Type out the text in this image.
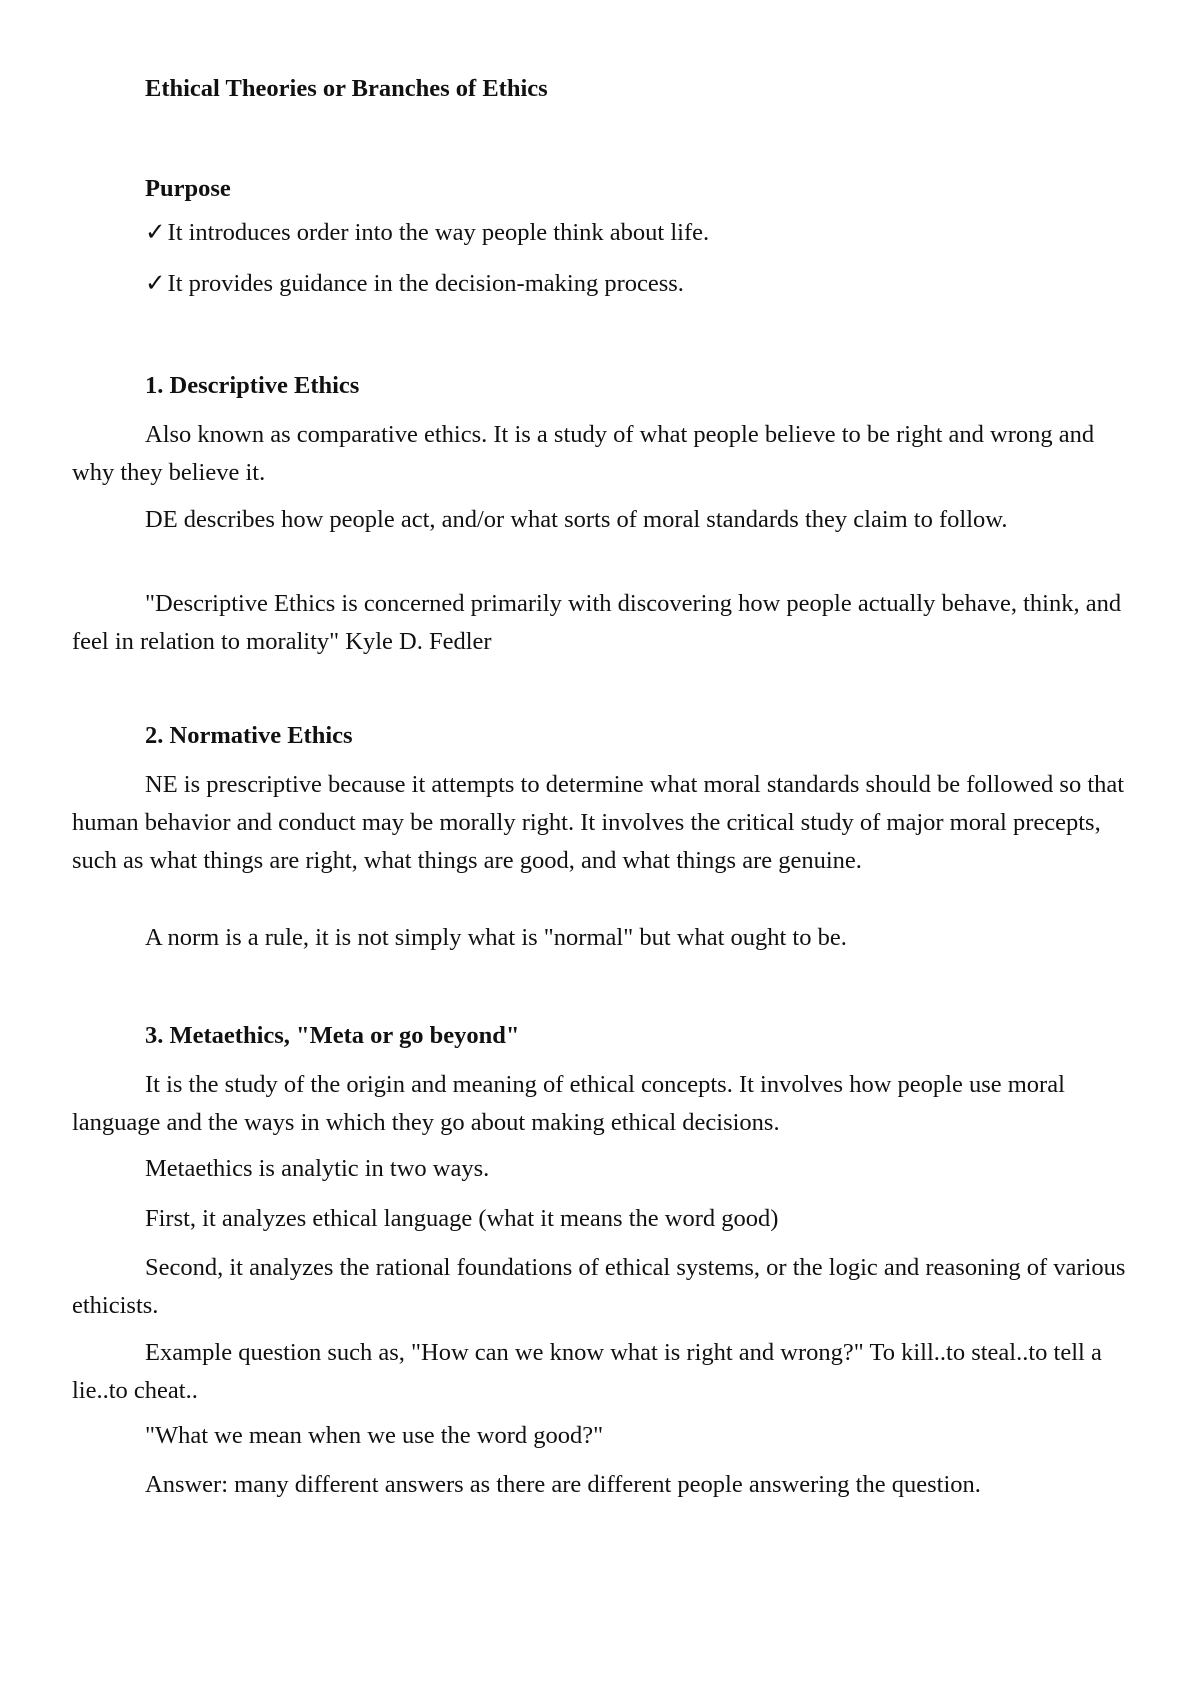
Ethical Theories or Branches of Ethics

Purpose

✓It introduces order into the way people think about life.

✓It provides guidance in the decision-making process.

1. Descriptive Ethics

Also known as comparative ethics. It is a study of what people believe to be right and wrong and why they believe it.

DE describes how people act, and/or what sorts of moral standards they claim to follow.

"Descriptive Ethics is concerned primarily with discovering how people actually behave, think, and feel in relation to morality" Kyle D. Fedler

2. Normative Ethics

NE is prescriptive because it attempts to determine what moral standards should be followed so that human behavior and conduct may be morally right. It involves the critical study of major moral precepts, such as what things are right, what things are good, and what things are genuine.

A norm is a rule, it is not simply what is "normal" but what ought to be.

3. Metaethics, "Meta or go beyond"

It is the study of the origin and meaning of ethical concepts. It involves how people use moral language and the ways in which they go about making ethical decisions.

Metaethics is analytic in two ways.

First, it analyzes ethical language (what it means the word good)

Second, it analyzes the rational foundations of ethical systems, or the logic and reasoning of various ethicists.

Example question such as, "How can we know what is right and wrong?" To kill..to steal..to tell a lie..to cheat..

"What we mean when we use the word good?"

Answer: many different answers as there are different people answering the question.
